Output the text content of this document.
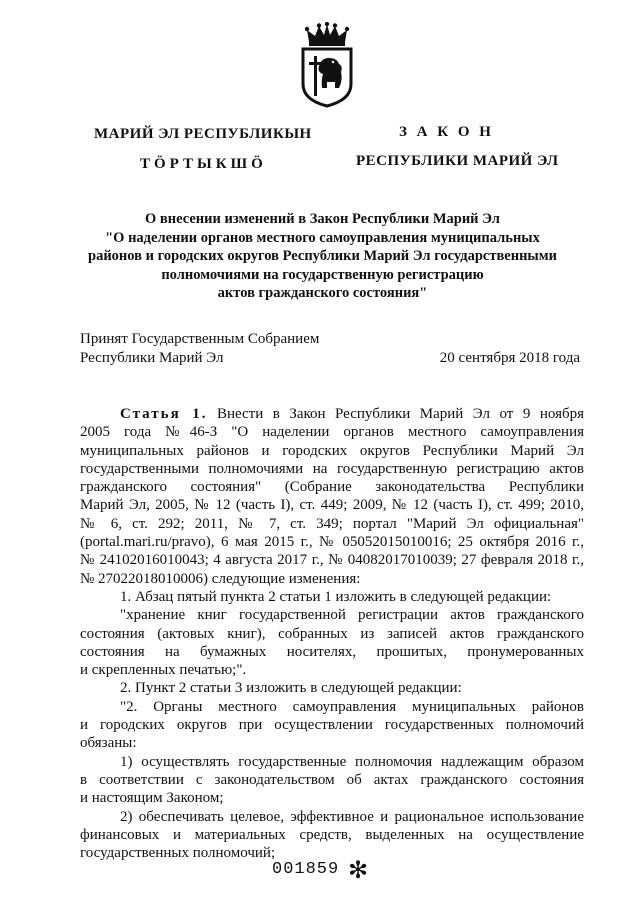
МАРИЙ ЭЛ РЕСПУБЛИКЫН
ТӦРТЫКШӦ
З А К О Н
РЕСПУБЛИКИ МАРИЙ ЭЛ
О внесении изменений в Закон Республики Марий Эл
"О наделении органов местного самоуправления муниципальных
районов и городских округов Республики Марий Эл государственными
полномочиями на государственную регистрацию
актов гражданского состояния"
Принят Государственным Собранием
Республики Марий Эл	20 сентября 2018 года
Статья 1. Внести в Закон Республики Марий Эл от 9 ноября
2005 года №46-З "О наделении органов местного самоуправления
муниципальных районов и городских округов Республики Марий Эл
государственными полномочиями на государственную регистрацию актов
гражданского состояния" (Собрание законодательства Республики
Марий Эл, 2005, № 12 (часть I), ст. 449; 2009, № 12 (часть I), ст. 499; 2010,
№ 6, ст. 292; 2011, № 7, ст. 349; портал "Марий Эл официальная"
(portal.mari.ru/pravo), 6 мая 2015 г., № 05052015010016; 25 октября 2016 г.,
№ 24102016010043; 4 августа 2017 г., № 04082017010039; 27 февраля 2018 г.,
№ 27022018010006) следующие изменения:
1. Абзац пятый пункта 2 статьи 1 изложить в следующей редакции:
"хранение книг государственной регистрации актов гражданского
состояния (актовых книг), собранных из записей актов гражданского
состояния на бумажных носителях, прошитых, пронумерованных
и скрепленных печатью;".
2. Пункт 2 статьи 3 изложить в следующей редакции:
"2. Органы местного самоуправления муниципальных районов
и городских округов при осуществлении государственных полномочий
обязаны:
1) осуществлять государственные полномочия надлежащим образом
в соответствии с законодательством об актах гражданского состояния
и настоящим Законом;
2) обеспечивать целевое, эффективное и рациональное использование
финансовых и материальных средств, выделенных на осуществление
государственных полномочий;
001859 ✻
